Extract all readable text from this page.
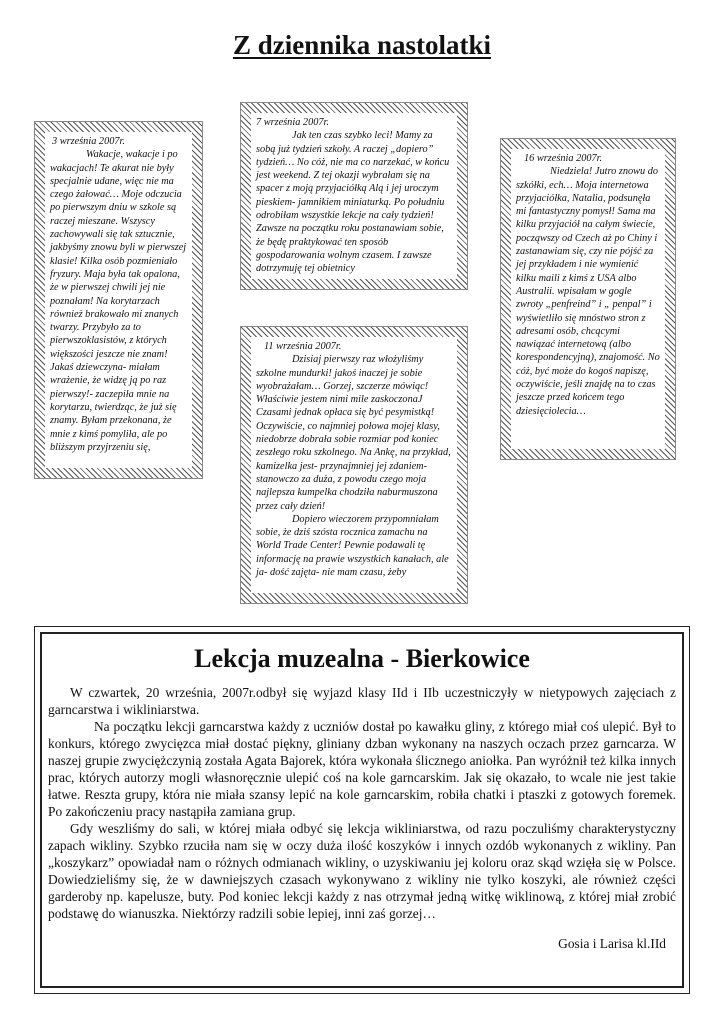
Z dziennika nastolatki
3 września 2007r.

Wakacje, wakacje i po wakacjach! Te akurat nie były specjalnie udane, więc nie ma czego żałować… Moje odczucia po pierwszym dniu w szkole są raczej mieszane. Wszyscy zachowywali się tak sztucznie, jakbyśmy znowu byli w pierwszej klasie! Kilka osób pozmieniało fryzury. Maja była tak opalona, że w pierwszej chwili jej nie poznałam! Na korytarzach również brakowało mi znanych twarzy. Przybyło za to pierwszoklasistów, z których większości jeszcze nie znam! Jakaś dziewczyna- miałam wrażenie, że widzę ją po raz pierwszy!- zaczepiła mnie na korytarzu, twierdząc, że już się znamy. Byłam przekonana, że mnie z kimś pomyliła, ale po bliższym przyjrzeniu się,

7 września 2007r.

Jak ten czas szybko leci! Mamy za sobą już tydzień szkoły. A raczej „dopiero” tydzień… No cóż, nie ma co narzekać, w końcu jest weekend. Z tej okazji wybrałam się na spacer z moją przyjaciółką Alą i jej uroczym pieskiem- jamnikiem miniaturką. Po południu odrobiłam wszystkie lekcje na cały tydzień! Zawsze na początku roku postanawiam sobie, że będę praktykować ten sposób gospodarowania wolnym czasem. I zawsze dotrzymuję tej obietnicy

11 września 2007r.

Dzisiaj pierwszy raz włożyliśmy szkolne mundurki! jakoś inaczej je sobie wyobrażałam… Gorzej, szczerze mówiąc! Właściwie jestem nimi mile zaskoczonaJ Czasami jednak opłaca się być pesymistką! Oczywiście, co najmniej połowa mojej klasy, niedobrze dobrała sobie rozmiar pod koniec zeszłego roku szkolnego. Na Ankę, na przykład, kamizelka jest- przynajmniej jej zdaniem- stanowczo za duża, z powodu czego moja najlepsza kumpelka chodziła naburmuszona przez cały dzień!

Dopiero wieczorem przypomniałam sobie, że dziś szósta rocznica zamachu na World Trade Center! Pewnie podawali tę informację na prawie wszystkich kanałach, ale ja- dość zajęta- nie mam czasu, żeby

16 września 2007r.

Niedziela! Jutro znowu do szkółki, ech… Moja internetowa przyjaciółka, Natalia, podsunęła mi fantastyczny pomysł! Sama ma kilku przyjaciół na całym świecie, począwszy od Czech aż po Chiny i zastanawiam się, czy nie pójść za jej przykładem i nie wymienić kilku maili z kimś z USA albo Australii. wpisałam w gogle zwroty „penfreind” i „ penpal” i wyświetliło się mnóstwo stron z adresami osób, chcącymi nawiązać internetową (albo korespondencyjną), znajomość. No cóż, być może do kogoś napiszę, oczywiście, jeśli znajdę na to czas jeszcze przed końcem tego dziesięciolecia…

Lekcja muzealna - Bierkowice

W czwartek, 20 września, 2007r.odbył się wyjazd klasy IId i IIb uczestniczyły w nietypowych zajęciach z garncarstwa i wikliniarstwa.

Na początku lekcji garncarstwa każdy z uczniów dostał po kawałku gliny, z którego miał coś ulepić. Był to konkurs, którego zwycięzca miał dostać piękny, gliniany dzban wykonany na naszych oczach przez garncarza. W naszej grupie zwyciężczynią została Agata Bajorek, która wykonała ślicznego aniołka. Pan wyróżnił też kilka innych prac, których autorzy mogli własnoręcznie ulepić coś na kole garncarskim. Jak się okazało, to wcale nie jest takie łatwe. Reszta grupy, która nie miała szansy lepić na kole garncarskim, robiła chatki i ptaszki z gotowych foremek. Po zakończeniu pracy nastąpiła zamiana grup.

Gdy weszliśmy do sali, w której miała odbyć się lekcja wikliniarstwa, od razu poczuliśmy charakterystyczny zapach wikliny. Szybko rzuciła nam się w oczy duża ilość koszyków i innych ozdób wykonanych z wikliny. Pan „koszykarz” opowiadał nam o różnych odmianach wikliny, o uzyskiwaniu jej koloru oraz skąd wzięła się w Polsce. Dowiedzieliśmy się, że w dawniejszych czasach wykonywano z wikliny nie tylko koszyki, ale również części garderoby np. kapelusze, buty. Pod koniec lekcji każdy z nas otrzymał jedną witkę wiklinową, z której miał zrobić podstawę do wianuszka. Niektórzy radzili sobie lepiej, inni zaś gorzej…

Gosia i Larisa kl.IId
